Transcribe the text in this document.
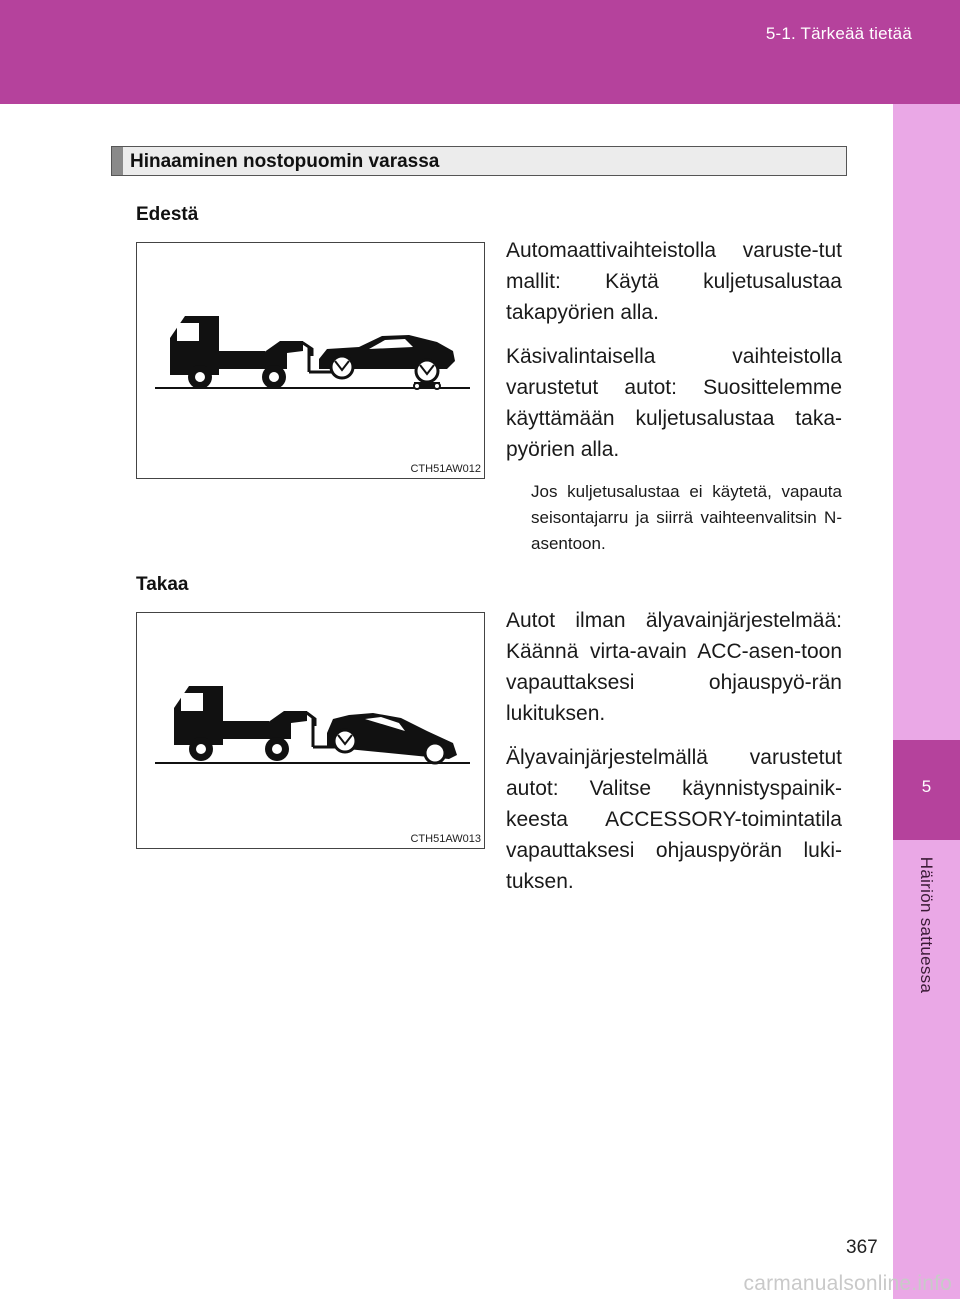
5-1. Tärkeää tietää
5
Häiriön sattuessa
Hinaaminen nostopuomin varassa
Edestä
CTH51AW012

Automaattivaihteistolla varuste-tut mallit: Käytä kuljetusalustaa takapyörien alla.

Käsivalintaisella vaihteistolla varustetut autot: Suosittelemme käyttämään kuljetusalustaa taka-pyörien alla.

Jos kuljetusalustaa ei käytetä, vapauta seisontajarru ja siirrä vaihteenvalitsin N-asentoon.

Takaa
CTH51AW013

Autot ilman älyavainjärjestelmää: Käännä virta-avain ACC-asen-toon vapauttaksesi ohjauspyö-rän lukituksen.

Älyavainjärjestelmällä varustetut autot: Valitse käynnistyspainik-keesta ACCESSORY-toimintatila vapauttaksesi ohjauspyörän luki-tuksen.

367
carmanualsonline.info
